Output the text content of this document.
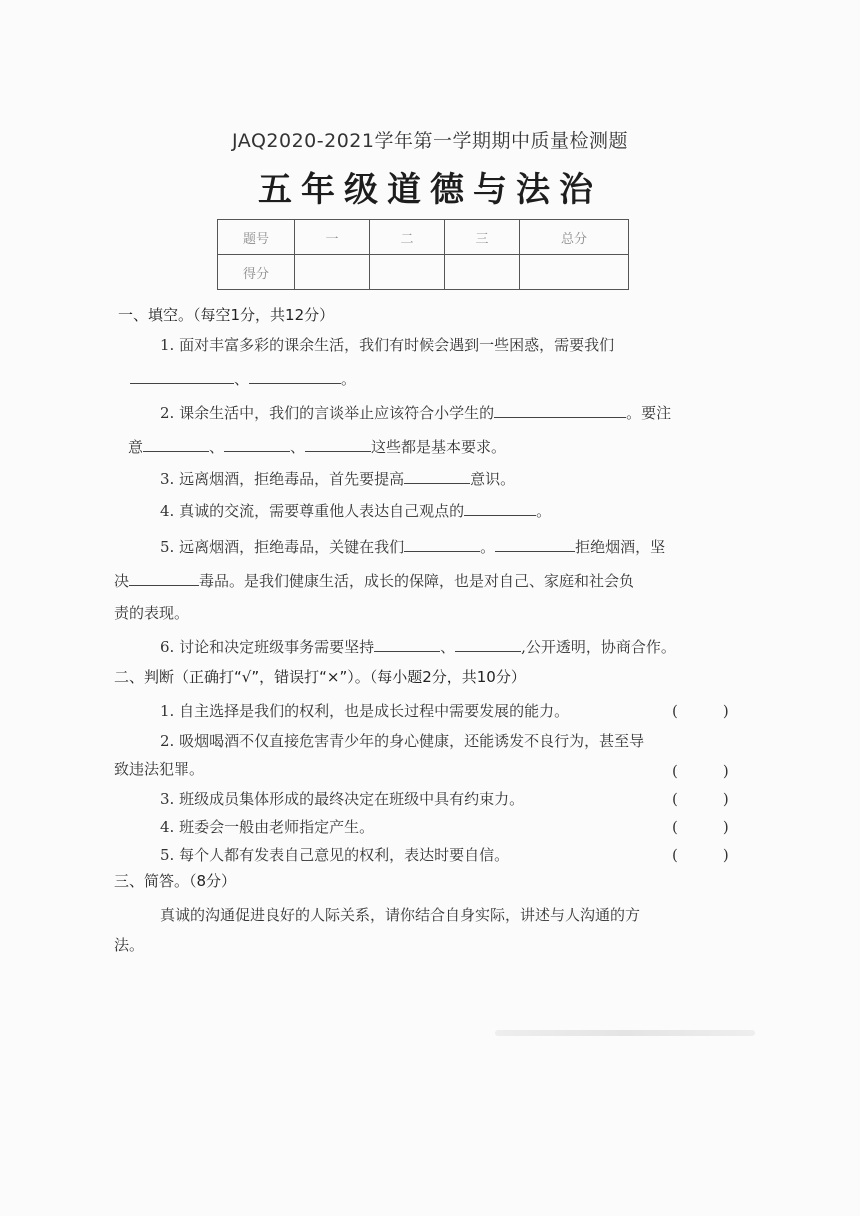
JAQ2020-2021学年第一学期期中质量检测题
五年级道德与法治
题号	一	二	三	总分
得分				
一、填空。（每空1分，共12分）
1. 面对丰富多彩的课余生活，我们有时候会遇到一些困惑，需要我们
、	。
2. 课余生活中，我们的言谈举止应该符合小学生的	。要注
意	、	、	这些都是基本要求。
3. 远离烟酒，拒绝毒品，首先要提高	意识。
4. 真诚的交流，需要尊重他人表达自己观点的	。
5. 远离烟酒，拒绝毒品，关键在我们	。	拒绝烟酒，坚
决	毒品。是我们健康生活，成长的保障，也是对自己、家庭和社会负
责的表现。
6. 讨论和决定班级事务需要坚持	、	,公开透明，协商合作。
二、判断（正确打“√”，错误打“×”）。（每小题2分，共10分）
1. 自主选择是我们的权利，也是成长过程中需要发展的能力。	(　　　)
2. 吸烟喝酒不仅直接危害青少年的身心健康，还能诱发不良行为，甚至导
致违法犯罪。	(　　　)
3. 班级成员集体形成的最终决定在班级中具有约束力。	(　　　)
4. 班委会一般由老师指定产生。	(　　　)
5. 每个人都有发表自己意见的权利，表达时要自信。	(　　　)
三、简答。（8分）
真诚的沟通促进良好的人际关系，请你结合自身实际，讲述与人沟通的方
法。
